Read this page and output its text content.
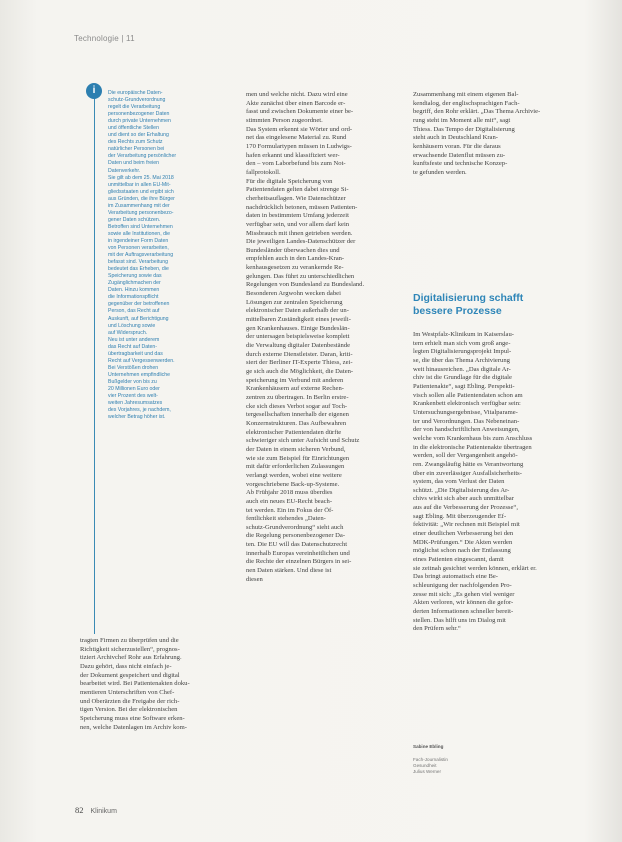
Technologie | 11
i	Die europäische Daten-
schutz-Grundverordnung
regelt die Verarbeitung
personenbezogener Daten
durch private Unternehmen
und öffentliche Stellen
und dient so der Erhaltung
des Rechts zum Schutz
natürlicher Personen bei
der Verarbeitung persönlicher
Daten und beim freien
Datenverkehr.
Sie gilt ab dem 25. Mai 2018
unmittelbar in allen EU-Mit-
gliedsstaaten und ergibt sich
aus Gründen, die ihre Bürger
im Zusammenhang mit der
Verarbeitung personenbezo-
gener Daten schützen.
Betroffen sind Unternehmen
sowie alle Institutionen, die
in irgendeiner Form Daten
von Personen verarbeiten,
mit der Auftragsverarbeitung
befasst sind. Verarbeitung
bedeutet das Erheben, die
Speicherung sowie das
Zugänglichmachen der
Daten. Hinzu kommen
die Informationspflicht
gegenüber der betroffenen
Person, das Recht auf
Auskunft, auf Berichtigung
und Löschung sowie
auf Widerspruch.
Neu ist unter anderem
das Recht auf Daten-
übertragbarkeit und das
Recht auf Vergessenwerden.
Bei Verstößen drohen
Unternehmen empfindliche
Bußgelder von bis zu
20 Millionen Euro oder
vier Prozent des welt-
weiten Jahresumsatzes
des Vorjahres, je nachdem,
welcher Betrag höher ist.
tragten Firmen zu überprüfen und die
Richtigkeit sicherzustellen“, prognos-
tiziert Archivchef Rohr aus Erfahrung.
Dazu gehört, dass nicht einfach je-
der Dokument gespeichert und digital
bearbeitet wird. Bei Patientenakten doku-
mentieren Unterschriften von Chef-
und Oberärzten die Freigabe der rich-
tigen Version. Bei der elektronischen
Speicherung muss eine Software erken-
nen, welche Datenlagen im Archiv kom-
men und welche nicht. Dazu wird eine
Akte zunächst über einen Barcode er-
fasst und zwischen Dokumente einer be-
stimmten Person zugeordnet.
Das System erkennt sie Wörter und ord-
net das eingelesene Material zu. Rund
170 Formulartypen müssen in Ludwigs-
hafen erkannt und klassifiziert wer-
den – vom Laborbefund bis zum Not-
fallprotokoll.
Für die digitale Speicherung von
Patientendaten gelten dabei strenge Si-
cherheitsauflagen. Wie Datenschützer
nachdrücklich betonen, müssen Patienten-
daten in bestimmtem Umfang jederzeit
verfügbar sein, und vor allem darf kein
Missbrauch mit ihnen getrieben werden.
Die jeweiligen Landes-Datenschützer der
Bundesländer überwachen dies und
empfehlen auch in den Landes-Kran-
kenhausgesetzen zu verankernde Re-
gelungen. Das führt zu unterschiedlichen
Regelungen von Bundesland zu Bundesland.
Besonderen Argwohn wecken dabei
Lösungen zur zentralen Speicherung
elektronischer Daten außerhalb der un-
mittelbaren Zuständigkeit eines jeweili-
gen Krankenhauses. Einige Bundeslän-
der untersagen beispielsweise komplett
die Verwaltung digitaler Datenbestände
durch externe Dienstleister. Daran, kriti-
siert der Berliner IT-Experte Thiess, zei-
ge sich auch die Möglichkeit, die Daten-
speicherung im Verbund mit anderen
Krankenhäusern auf externe Rechen-
zentren zu übertragen. In Berlin erstre-
cke sich dieses Verbot sogar auf Toch-
tergesellschaften innerhalb der eigenen
Konzernstrukturen. Das Aufbewahren
elektronischer Patientendaten dürfte
schwieriger sich unter Aufsicht und Schutz
der Daten in einem sicheren Verbund,
wie sie zum Beispiel für Einrichtungen
mit dafür erforderlichen Zulassungen
verlangt werden, wobei eine weitere
vorgeschriebene Back-up-Systeme.
Ab Frühjahr 2018 muss überdies
auch ein neues EU-Recht beach-
tet werden. Ein im Fokus der Öf-
fentlichkeit stehendes „Daten-
schutz-Grundverordnung“ sieht auch
die Regelung personenbezogener Da-
ten. Die EU will das Datenschutzrecht
innerhalb Europas vereinheitlichen und
die Rechte der einzelnen Bürgers in sei-
nen Daten stärken. Und diese ist
diesen
Zusammenhang mit einem eigenen Bal-
kendialog, der englischsprachigen Fach-
begriff, den Rohr erklärt. „Das Thema Archivie-
rung steht im Moment alle mit“, sagt
Thiess. Das Tempo der Digitalisierung
steht auch in Deutschland Kran-
kenhäusern voran. Für die daraus
erwachsende Datenflut müssen zu-
kunftsfeste und technische Konzep-
te gefunden werden.
Digitalisierung schafft
bessere Prozesse
Im Westpfalz-Klinikum in Kaiserslau-
tern erhielt man sich vom groß ange-
legten Digitalisierungsprojekt Impul-
se, die über das Thema Archivierung
weit hinausreichen. „Das digitale Ar-
chiv ist die Grundlage für die digitale
Patientenakte“, sagt Ebling. Perspekti-
visch sollen alle Patientendaten schon am
Krankenbett elektronisch verfügbar sein:
Untersuchungsergebnisse, Vitalparame-
ter und Verordnungen. Das Nebeneinan-
der von handschriftlichen Anweisungen,
welche vom Krankenhaus bis zum Anschluss
in die elektronische Patientenakte übertragen
werden, soll der Vergangenheit angehö-
ren. Zwangsläufig hätte es Verantwortung
über ein zuverlässiger Ausfallsicherheits-
system, das vom Verlust der Daten
schützt. „Die Digitalisierung des Ar-
chivs wirkt sich aber auch unmittelbar
aus auf die Verbesserung der Prozesse“,
sagt Ebling. Mit überzeugender Ef-
fektivität: „Wir rechnen mit Beispiel mit
einer deutlichen Verbesserung bei den
MDK-Prüfungen.“ Die Akten werden
möglichst schon nach der Entlassung
eines Patienten eingescannt, damit
sie zeitnah gesichtet werden können, erklärt er.
Das bringt automatisch eine Be-
schleunigung der nachfolgenden Pro-
zesse mit sich: „Es gehen viel weniger
Akten verloren, wir können die gefor-
derten Informationen schneller bereit-
stellen. Das hilft uns im Dialog mit
den Prüfern sehr.“

Sabine Ebling

Fach-Journalistin
Gesundheit
Julius Werner

82 Klinikum
